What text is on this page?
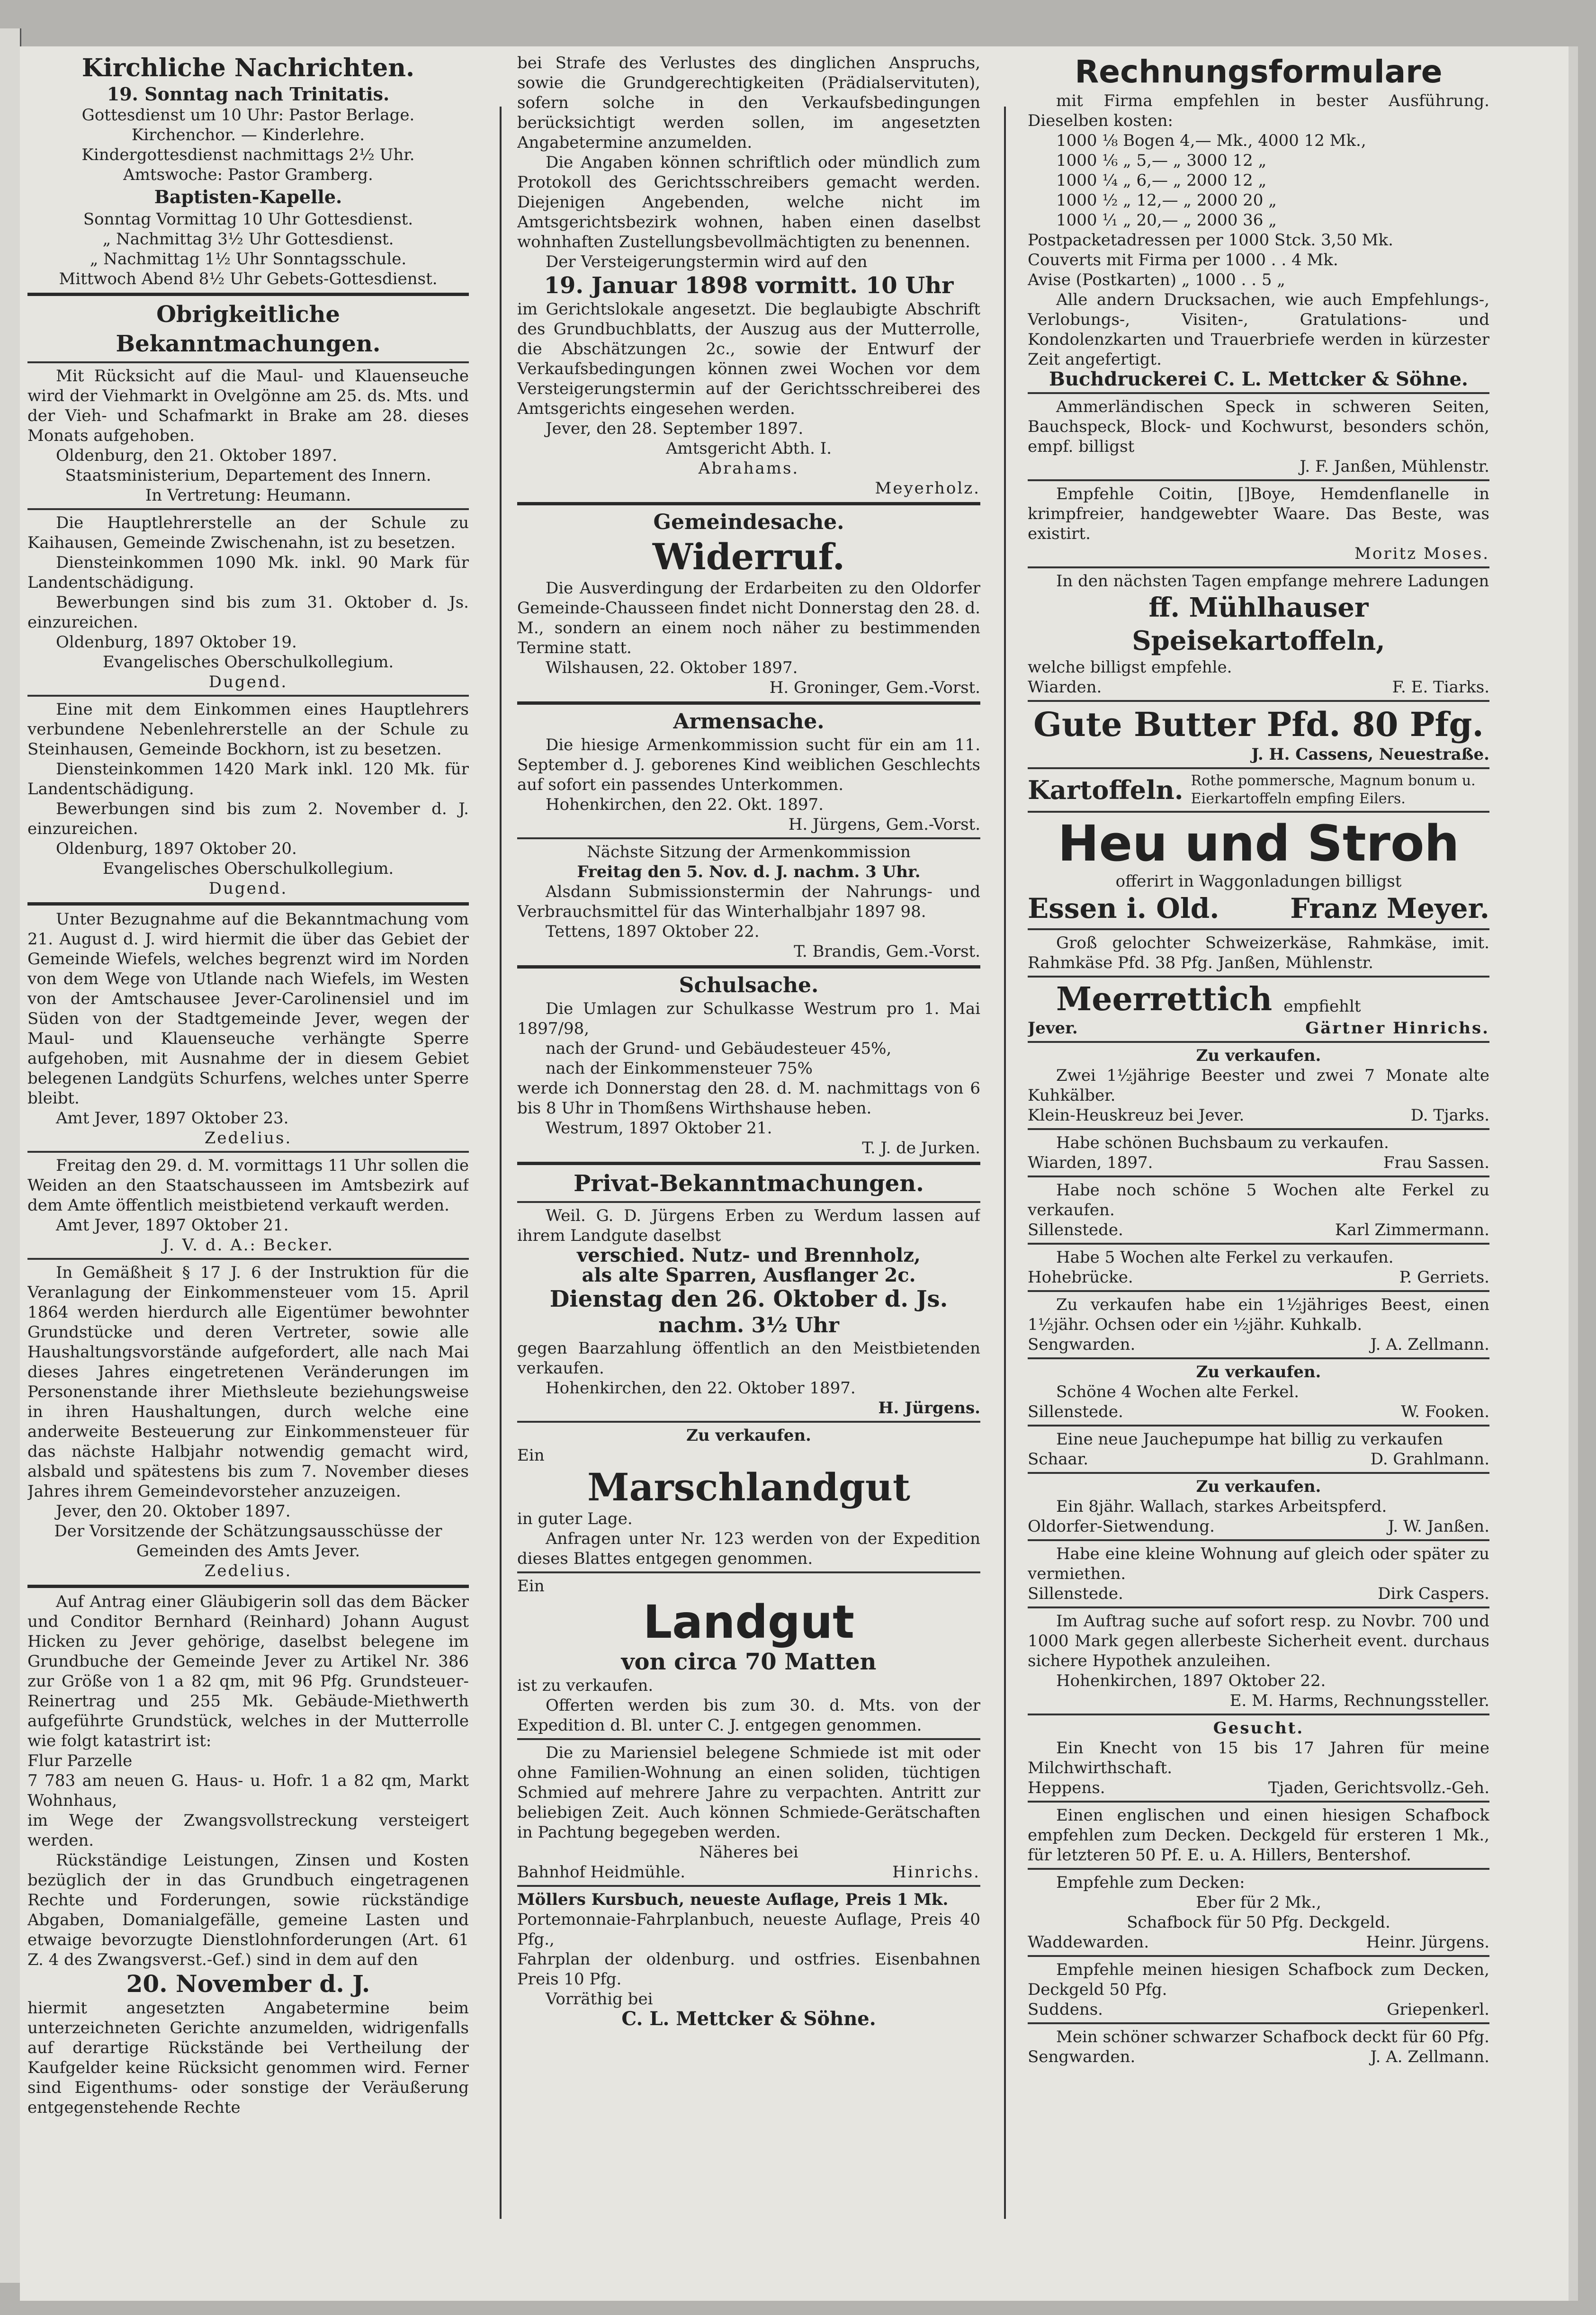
Kirchliche Nachrichten.
19. Sonntag nach Trinitatis.

Gottesdienst um 10 Uhr: Pastor Berlage.

Kirchenchor. — Kinderlehre.

Kindergottesdienst nachmittags 2½ Uhr.

Amtswoche: Pastor Gramberg.

Baptisten-Kapelle.

Sonntag Vormittag 10 Uhr Gottesdienst.

„ Nachmittag 3½ Uhr Gottesdienst.

„ Nachmittag 1½ Uhr Sonntagsschule.

Mittwoch Abend 8½ Uhr Gebets-Gottesdienst.

Obrigkeitliche Bekanntmachungen.

Mit Rücksicht auf die Maul- und Klauenseuche wird der Viehmarkt in Ovelgönne am 25. ds. Mts. und der Vieh- und Schafmarkt in Brake am 28. dieses Monats aufgehoben.

Oldenburg, den 21. Oktober 1897.

Staatsministerium, Departement des Innern.

In Vertretung: Heumann.

Die Hauptlehrerstelle an der Schule zu Kaihausen, Gemeinde Zwischenahn, ist zu besetzen.

Diensteinkommen 1090 Mk. inkl. 90 Mark für Landentschädigung.

Bewerbungen sind bis zum 31. Oktober d. Js. einzureichen.

Oldenburg, 1897 Oktober 19.

Evangelisches Oberschulkollegium.

Dugend.

Eine mit dem Einkommen eines Hauptlehrers verbundene Nebenlehrerstelle an der Schule zu Steinhausen, Gemeinde Bockhorn, ist zu besetzen.

Diensteinkommen 1420 Mark inkl. 120 Mk. für Landentschädigung.

Bewerbungen sind bis zum 2. November d. J. einzureichen.

Oldenburg, 1897 Oktober 20.

Evangelisches Oberschulkollegium.

Dugend.

Unter Bezugnahme auf die Bekanntmachung vom 21. August d. J. wird hiermit die über das Gebiet der Gemeinde Wiefels, welches begrenzt wird im Norden von dem Wege von Utlande nach Wiefels, im Westen von der Amtschausee Jever-Carolinensiel und im Süden von der Stadtgemeinde Jever, wegen der Maul- und Klauenseuche verhängte Sperre aufgehoben, mit Ausnahme der in diesem Gebiet belegenen Landgüts Schurfens, welches unter Sperre bleibt.

Amt Jever, 1897 Oktober 23.

Zedelius.

Freitag den 29. d. M. vormittags 11 Uhr sollen die Weiden an den Staatschausseen im Amtsbezirk auf dem Amte öffentlich meistbietend verkauft werden.

Amt Jever, 1897 Oktober 21.

J. V. d. A.: Becker.

In Gemäßheit § 17 J. 6 der Instruktion für die Veranlagung der Einkommensteuer vom 15. April 1864 werden hierdurch alle Eigentümer bewohnter Grundstücke und deren Vertreter, sowie alle Haushaltungsvorstände aufgefordert, alle nach Mai dieses Jahres eingetretenen Veränderungen im Personenstande ihrer Miethsleute beziehungsweise in ihren Haushaltungen, durch welche eine anderweite Besteuerung zur Einkommensteuer für das nächste Halbjahr notwendig gemacht wird, alsbald und spätestens bis zum 7. November dieses Jahres ihrem Gemeindevorsteher anzuzeigen.

Jever, den 20. Oktober 1897.

Der Vorsitzende der Schätzungsausschüsse der Gemeinden des Amts Jever.

Zedelius.

Auf Antrag einer Gläubigerin soll das dem Bäcker und Conditor Bernhard (Reinhard) Johann August Hicken zu Jever gehörige, daselbst belegene im Grundbuche der Gemeinde Jever zu Artikel Nr. 386 zur Größe von 1 a 82 qm, mit 96 Pfg. Grundsteuer-Reinertrag und 255 Mk. Gebäude-Miethwerth aufgeführte Grundstück, welches in der Mutterrolle wie folgt katastrirt ist:

Flur Parzelle

7 783 am neuen G. Haus- u. Hofr. 1 a 82 qm, Markt Wohnhaus,

im Wege der Zwangsvollstreckung versteigert werden.

Rückständige Leistungen, Zinsen und Kosten bezüglich der in das Grundbuch eingetragenen Rechte und Forderungen, sowie rückständige Abgaben, Domanialgefälle, gemeine Lasten und etwaige bevorzugte Dienstlohnforderungen (Art. 61 Z. 4 des Zwangsverst.-Gef.) sind in dem auf den

20. November d. J.

hiermit angesetzten Angabetermine beim unterzeichneten Gerichte anzumelden, widrigenfalls auf derartige Rückstände bei Vertheilung der Kaufgelder keine Rücksicht genommen wird. Ferner sind Eigenthums- oder sonstige der Veräußerung entgegenstehende Rechte

bei Strafe des Verlustes des dinglichen Anspruchs, sowie die Grundgerechtigkeiten (Prädialservituten), sofern solche in den Verkaufsbedingungen berücksichtigt werden sollen, im angesetzten Angabetermine anzumelden.

Die Angaben können schriftlich oder mündlich zum Protokoll des Gerichtsschreibers gemacht werden. Diejenigen Angebenden, welche nicht im Amtsgerichtsbezirk wohnen, haben einen daselbst wohnhaften Zustellungsbevollmächtigten zu benennen.

Der Versteigerungstermin wird auf den

19. Januar 1898 vormitt. 10 Uhr

im Gerichtslokale angesetzt. Die beglaubigte Abschrift des Grundbuchblatts, der Auszug aus der Mutterrolle, die Abschätzungen 2c., sowie der Entwurf der Verkaufsbedingungen können zwei Wochen vor dem Versteigerungstermin auf der Gerichtsschreiberei des Amtsgerichts eingesehen werden.

Jever, den 28. September 1897.

Amtsgericht Abth. I.

Abrahams.

Meyerholz.

Gemeindesache.
Widerruf.

Die Ausverdingung der Erdarbeiten zu den Oldorfer Gemeinde-Chausseen findet nicht Donnerstag den 28. d. M., sondern an einem noch näher zu bestimmenden Termine statt.

Wilshausen, 22. Oktober 1897.

H. Groninger, Gem.-Vorst.

Armensache.

Die hiesige Armenkommission sucht für ein am 11. September d. J. geborenes Kind weiblichen Geschlechts auf sofort ein passendes Unterkommen.

Hohenkirchen, den 22. Okt. 1897.

H. Jürgens, Gem.-Vorst.

Nächste Sitzung der Armenkommission

Freitag den 5. Nov. d. J. nachm. 3 Uhr.

Alsdann Submissionstermin der Nahrungs- und Verbrauchsmittel für das Winterhalbjahr 1897 98.

Tettens, 1897 Oktober 22.

T. Brandis, Gem.-Vorst.

Schulsache.

Die Umlagen zur Schulkasse Westrum pro 1. Mai 1897/98,

nach der Grund- und Gebäudesteuer 45%,

nach der Einkommensteuer 75%

werde ich Donnerstag den 28. d. M. nachmittags von 6 bis 8 Uhr in Thomßens Wirthshause heben.

Westrum, 1897 Oktober 21.

T. J. de Jurken.

Privat-Bekanntmachungen.

Weil. G. D. Jürgens Erben zu Werdum lassen auf ihrem Landgute daselbst

verschied. Nutz- und Brennholz,

als alte Sparren, Ausflanger 2c.

Dienstag den 26. Oktober d. Js.

nachm. 3½ Uhr

gegen Baarzahlung öffentlich an den Meistbietenden verkaufen.

Hohenkirchen, den 22. Oktober 1897.

H. Jürgens.

Zu verkaufen.

Ein

Marschlandgut

in guter Lage.

Anfragen unter Nr. 123 werden von der Expedition dieses Blattes entgegen genommen.

Ein

Landgut
von circa 70 Matten

ist zu verkaufen.

Offerten werden bis zum 30. d. Mts. von der Expedition d. Bl. unter C. J. entgegen genommen.

Die zu Mariensiel belegene Schmiede ist mit oder ohne Familien-Wohnung an einen soliden, tüchtigen Schmied auf mehrere Jahre zu verpachten. Antritt zur beliebigen Zeit. Auch können Schmiede-Gerätschaften in Pachtung begegeben werden.

Näheres bei

Bahnhof Heidmühle.	Hinrichs.

Möllers Kursbuch, neueste Auflage, Preis 1 Mk.

Portemonnaie-Fahrplanbuch, neueste Auflage, Preis 40 Pfg.,

Fahrplan der oldenburg. und ostfries. Eisenbahnen Preis 10 Pfg.

Vorräthig bei

C. L. Mettcker & Söhne.

Rechnungsformulare

mit Firma empfehlen in bester Ausführung. Dieselben kosten:

1000 ⅛ Bogen 4,— Mk., 4000 12 Mk.,

1000 ⅙ „ 5,— „ 3000 12 „

1000 ¼ „ 6,— „ 2000 12 „

1000 ½ „ 12,— „ 2000 20 „

1000 ¹⁄₁ „ 20,— „ 2000 36 „

Postpacketadressen per 1000 Stck. 3,50 Mk.

Couverts mit Firma per 1000 . . 4 Mk.

Avise (Postkarten) „ 1000 . . 5 „

Alle andern Drucksachen, wie auch Empfehlungs-, Verlobungs-, Visiten-, Gratulations- und Kondolenzkarten und Trauerbriefe werden in kürzester Zeit angefertigt.

Buchdruckerei C. L. Mettcker & Söhne.

Ammerländischen Speck in schweren Seiten, Bauchspeck, Block- und Kochwurst, besonders schön, empf. billigst

J. F. Janßen, Mühlenstr.

Empfehle Coitin, []Boye, Hemdenflanelle in krimpfreier, handgewebter Waare. Das Beste, was existirt.

Moritz Moses.

In den nächsten Tagen empfange mehrere Ladungen

ff. Mühlhauser Speisekartoffeln,

welche billigst empfehle.

Wiarden.	F. E. Tiarks.
Gute Butter Pfd. 80 Pfg.

J. H. Cassens, Neuestraße.

Kartoffeln. Rothe pommersche, Magnum bonum u. Eierkartoffeln empfing Eilers.
Heu und Stroh

offerirt in Waggonladungen billigst

Essen i. Old.	Franz Meyer.

Groß gelochter Schweizerkäse, Rahmkäse, imit. Rahmkäse Pfd. 38 Pfg. Janßen, Mühlenstr.

Meerrettich empfiehlt
Jever.	Gärtner Hinrichs.

Zu verkaufen.

Zwei 1½jährige Beester und zwei 7 Monate alte Kuhkälber.

Klein-Heuskreuz bei Jever.	D. Tjarks.

Habe schönen Buchsbaum zu verkaufen.

Wiarden, 1897.	Frau Sassen.

Habe noch schöne 5 Wochen alte Ferkel zu verkaufen.

Sillenstede.	Karl Zimmermann.

Habe 5 Wochen alte Ferkel zu verkaufen.

Hohebrücke.	P. Gerriets.

Zu verkaufen habe ein 1½jähriges Beest, einen 1½jähr. Ochsen oder ein ½jähr. Kuhkalb.

Sengwarden.	J. A. Zellmann.

Zu verkaufen.

Schöne 4 Wochen alte Ferkel.

Sillenstede.	W. Fooken.

Eine neue Jauchepumpe hat billig zu verkaufen

Schaar.	D. Grahlmann.

Zu verkaufen.

Ein 8jähr. Wallach, starkes Arbeitspferd.

Oldorfer-Sietwendung.	J. W. Janßen.

Habe eine kleine Wohnung auf gleich oder später zu vermiethen.

Sillenstede.	Dirk Caspers.

Im Auftrag suche auf sofort resp. zu Novbr. 700 und 1000 Mark gegen allerbeste Sicherheit event. durchaus sichere Hypothek anzuleihen.

Hohenkirchen, 1897 Oktober 22.

E. M. Harms, Rechnungssteller.

Gesucht.

Ein Knecht von 15 bis 17 Jahren für meine Milchwirthschaft.

Heppens.	Tjaden, Gerichtsvollz.-Geh.

Einen englischen und einen hiesigen Schafbock empfehlen zum Decken. Deckgeld für ersteren 1 Mk., für letzteren 50 Pf. E. u. A. Hillers, Bentershof.

Empfehle zum Decken:

Eber für 2 Mk.,

Schafbock für 50 Pfg. Deckgeld.

Waddewarden.	Heinr. Jürgens.

Empfehle meinen hiesigen Schafbock zum Decken, Deckgeld 50 Pfg.

Suddens.	Griepenkerl.

Mein schöner schwarzer Schafbock deckt für 60 Pfg.

Sengwarden.	J. A. Zellmann.
